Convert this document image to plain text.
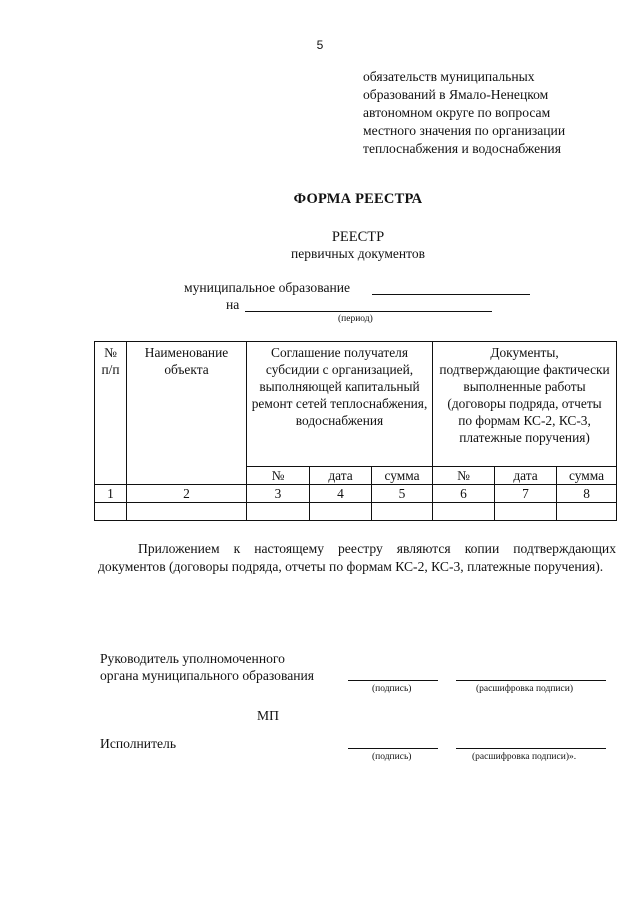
5
обязательств муниципальных
образований в Ямало-Ненецком
автономном округе по вопросам
местного значения по организации
теплоснабжения и водоснабжения
ФОРМА РЕЕСТРА
РЕЕСТР
первичных документов
муниципальное образование
на
(период)
№ п/п	Наименование объекта	Соглашение получателя субсидии с организацией, выполняющей капитальный ремонт сетей теплоснабжения, водоснабжения			Документы, подтверждающие фактически выполненные работы (договоры подряда, отчеты по формам КС-2, КС-3, платежные поручения)		
		№	дата	сумма	№	дата	сумма
1	2	3	4	5	6	7	8

Приложением к настоящему реестру являются копии подтверждающих документов (договоры подряда, отчеты по формам КС-2, КС-3, платежные поручения).
Руководитель уполномоченного
органа муниципального образования
(подпись)	(расшифровка подписи)
МП
Исполнитель
(подпись)	(расшифровка подписи)».
